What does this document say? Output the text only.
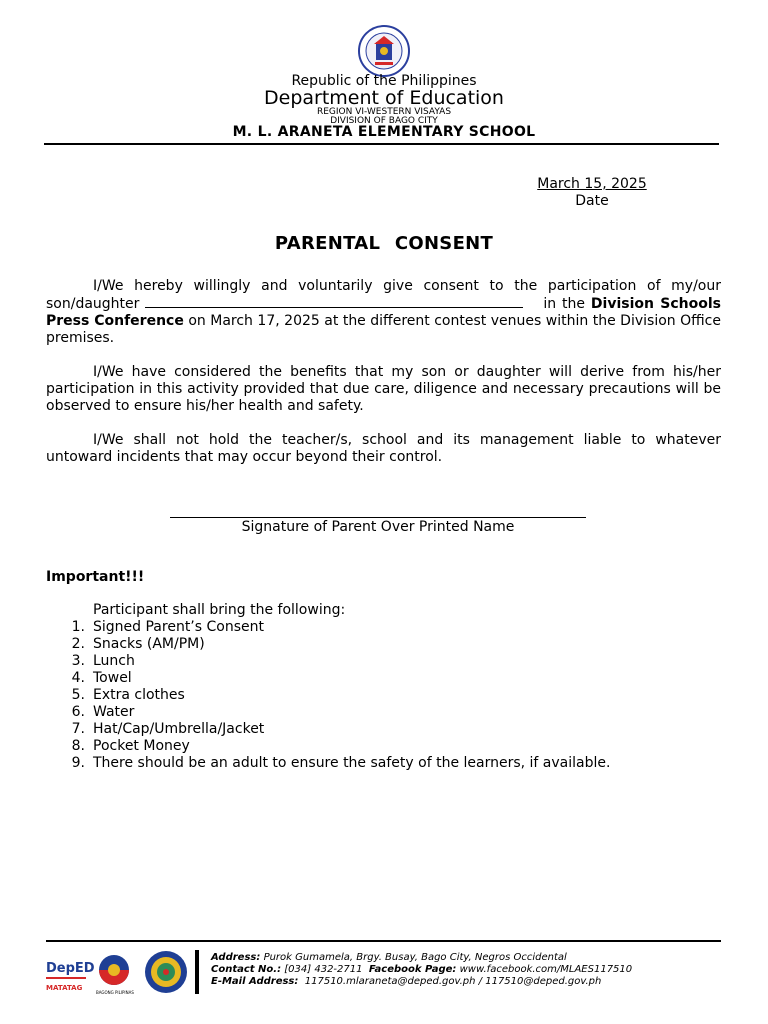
Republic of the Philippines
Department of Education
REGION VI-WESTERN VISAYAS
DIVISION OF BAGO CITY
M. L. ARANETA ELEMENTARY SCHOOL
March 15, 2025
Date
PARENTAL CONSENT
I/We hereby willingly and voluntarily give consent to the participation of my/our son/daughter	in the Division Schools Press Conference on March 17, 2025 at the different contest venues within the Division Office premises.
I/We have considered the benefits that my son or daughter will derive from his/her participation in this activity provided that due care, diligence and necessary precautions will be observed to ensure his/her health and safety.
I/We shall not hold the teacher/s, school and its management liable to whatever untoward incidents that may occur beyond their control.
Signature of Parent Over Printed Name
Important!!!
Participant shall bring the following:
1. Signed Parent’s Consent
2. Snacks (AM/PM)
3. Lunch
4. Towel
5. Extra clothes
6. Water
7. Hat/Cap/Umbrella/Jacket
8. Pocket Money
9. There should be an adult to ensure the safety of the learners, if available.
DepED
MATATAG
BAGONG PILIPINAS
Address: Purok Gumamela, Brgy. Busay, Bago City, Negros Occidental
Contact No.: [034] 432-2711 Facebook Page: www.facebook.com/MLAES117510
E-Mail Address: 117510.mlaraneta@deped.gov.ph / 117510@deped.gov.ph
